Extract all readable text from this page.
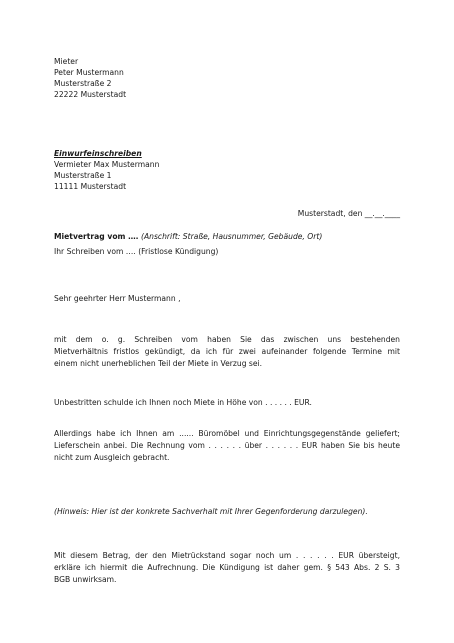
Mieter
Peter Mustermann
Musterstraße 2
22222 Musterstadt
Einwurfeinschreiben
Vermieter Max Mustermann
Musterstraße 1
11111 Musterstadt
Musterstadt, den __.__.____
Mietvertrag vom …. (Anschrift: Straße, Hausnummer, Gebäude, Ort)
Ihr Schreiben vom …. (Fristlose Kündigung)
Sehr geehrter Herr Mustermann ,
mit dem o. g. Schreiben vom haben Sie das zwischen uns bestehenden
Mietverhältnis fristlos gekündigt, da ich für zwei aufeinander folgende Termine mit
einem nicht unerheblichen Teil der Miete in Verzug sei.
Unbestritten schulde ich Ihnen noch Miete in Höhe von . . . . . . EUR.
Allerdings habe ich Ihnen am ...... Büromöbel und Einrichtungsgegenstände geliefert;
Lieferschein anbei. Die Rechnung vom . . . . . . über . . . . . . EUR haben Sie bis heute
nicht zum Ausgleich gebracht.
(Hinweis: Hier ist der konkrete Sachverhalt mit Ihrer Gegenforderung darzulegen).
Mit diesem Betrag, der den Mietrückstand sogar noch um . . . . . . EUR übersteigt,
erkläre ich hiermit die Aufrechnung. Die Kündigung ist daher gem. § 543 Abs. 2 S. 3
BGB unwirksam.
